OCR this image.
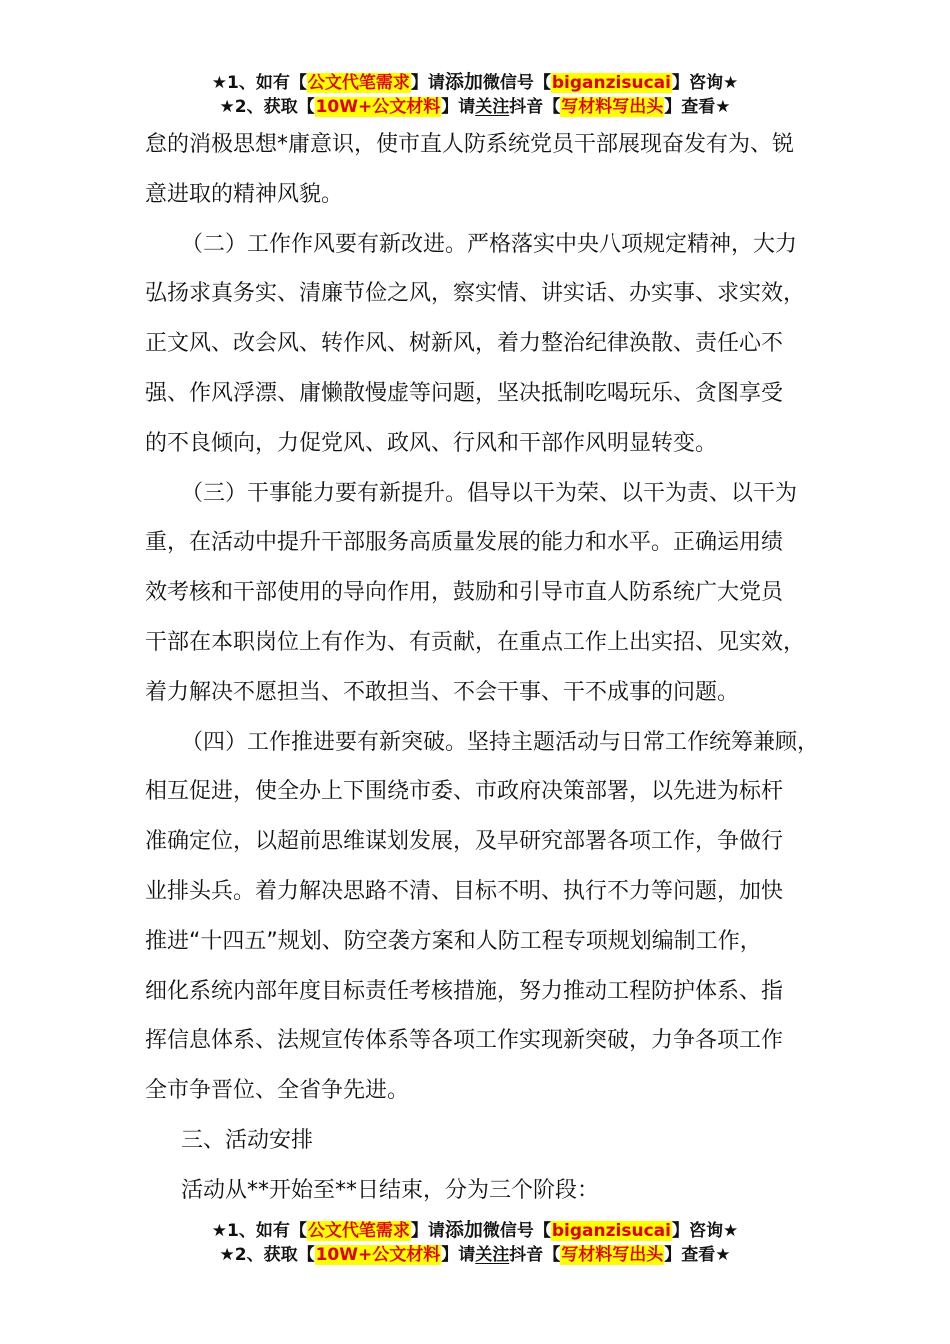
★1、如有【公文代笔需求】请添加微信号【biganzisucai】咨询★
★2、获取【10W+公文材料】请关注抖音【写材料写出头】查看★

怠的消极思想*庸意识，使市直人防系统党员干部展现奋发有为、锐

意进取的精神风貌。

（二）工作作风要有新改进。严格落实中央八项规定精神，大力

弘扬求真务实、清廉节俭之风，察实情、讲实话、办实事、求实效，

正文风、改会风、转作风、树新风，着力整治纪律涣散、责任心不

强、作风浮漂、庸懒散慢虚等问题，坚决抵制吃喝玩乐、贪图享受

的不良倾向，力促党风、政风、行风和干部作风明显转变。

（三）干事能力要有新提升。倡导以干为荣、以干为责、以干为

重，在活动中提升干部服务高质量发展的能力和水平。正确运用绩

效考核和干部使用的导向作用，鼓励和引导市直人防系统广大党员

干部在本职岗位上有作为、有贡献，在重点工作上出实招、见实效，

着力解决不愿担当、不敢担当、不会干事、干不成事的问题。

（四）工作推进要有新突破。坚持主题活动与日常工作统筹兼顾，

相互促进，使全办上下围绕市委、市政府决策部署，以先进为标杆

准确定位，以超前思维谋划发展，及早研究部署各项工作，争做行

业排头兵。着力解决思路不清、目标不明、执行不力等问题，加快

推进“十四五”规划、防空袭方案和人防工程专项规划编制工作，

细化系统内部年度目标责任考核措施，努力推动工程防护体系、指

挥信息体系、法规宣传体系等各项工作实现新突破，力争各项工作

全市争晋位、全省争先进。

三、活动安排

活动从**开始至**日结束，分为三个阶段：

★1、如有【公文代笔需求】请添加微信号【biganzisucai】咨询★
★2、获取【10W+公文材料】请关注抖音【写材料写出头】查看★
